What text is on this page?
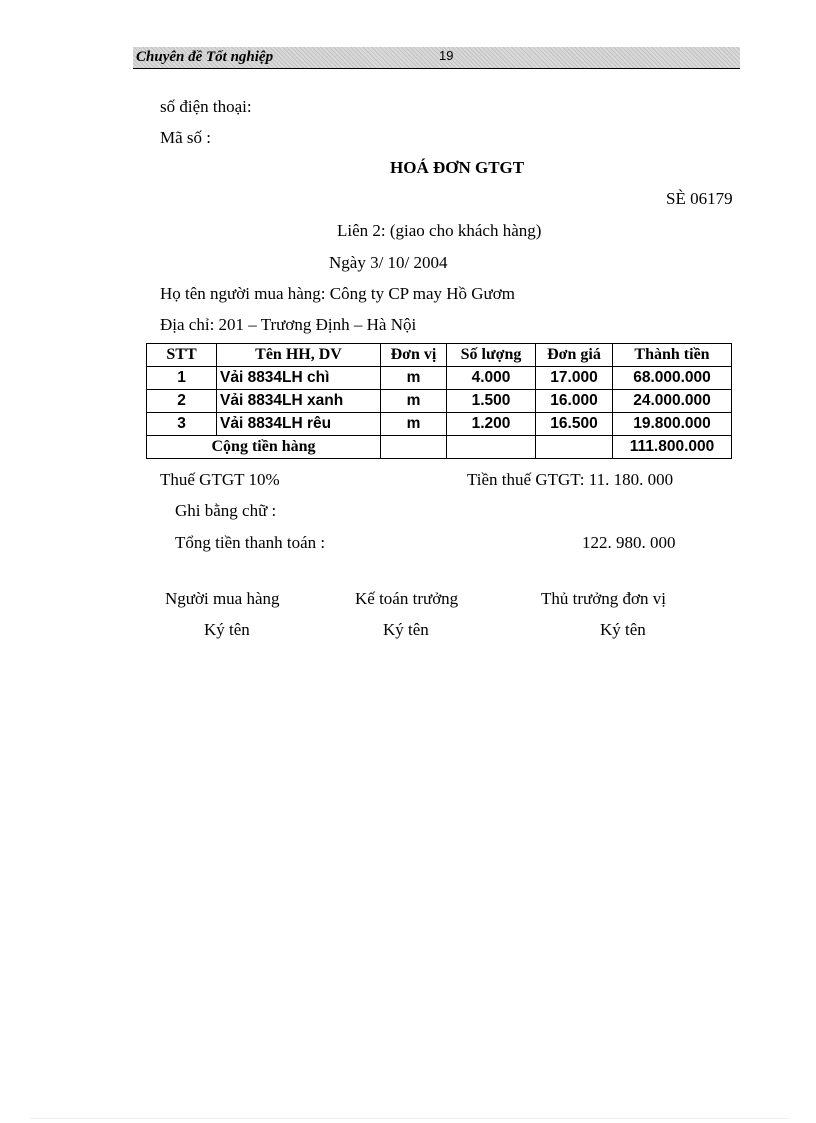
Chuyên đề Tốt nghiệp	19
số điện thoại:
Mã số :
HOÁ ĐƠN GTGT
SÈ 06179
Liên 2: (giao cho khách hàng)
Ngày 3/ 10/ 2004
Họ tên người mua hàng: Công ty CP may Hồ Gươm
Địa chỉ: 201 – Trương Định – Hà Nội
STT	Tên HH, DV	Đơn vị	Số lượng	Đơn giá	Thành tiền
1	Vải 8834LH chì	m	4.000	17.000	68.000.000
2	Vải 8834LH xanh	m	1.500	16.000	24.000.000
3	Vải 8834LH rêu	m	1.200	16.500	19.800.000
Cộng tiền hàng					111.800.000
Thuế GTGT 10%	Tiền thuế GTGT: 11. 180. 000
Ghi bằng chữ :
Tổng tiền thanh toán :	122. 980. 000
Người mua hàng	Kế toán trưởng	Thủ trưởng đơn vị
Ký tên	Ký tên	Ký tên
